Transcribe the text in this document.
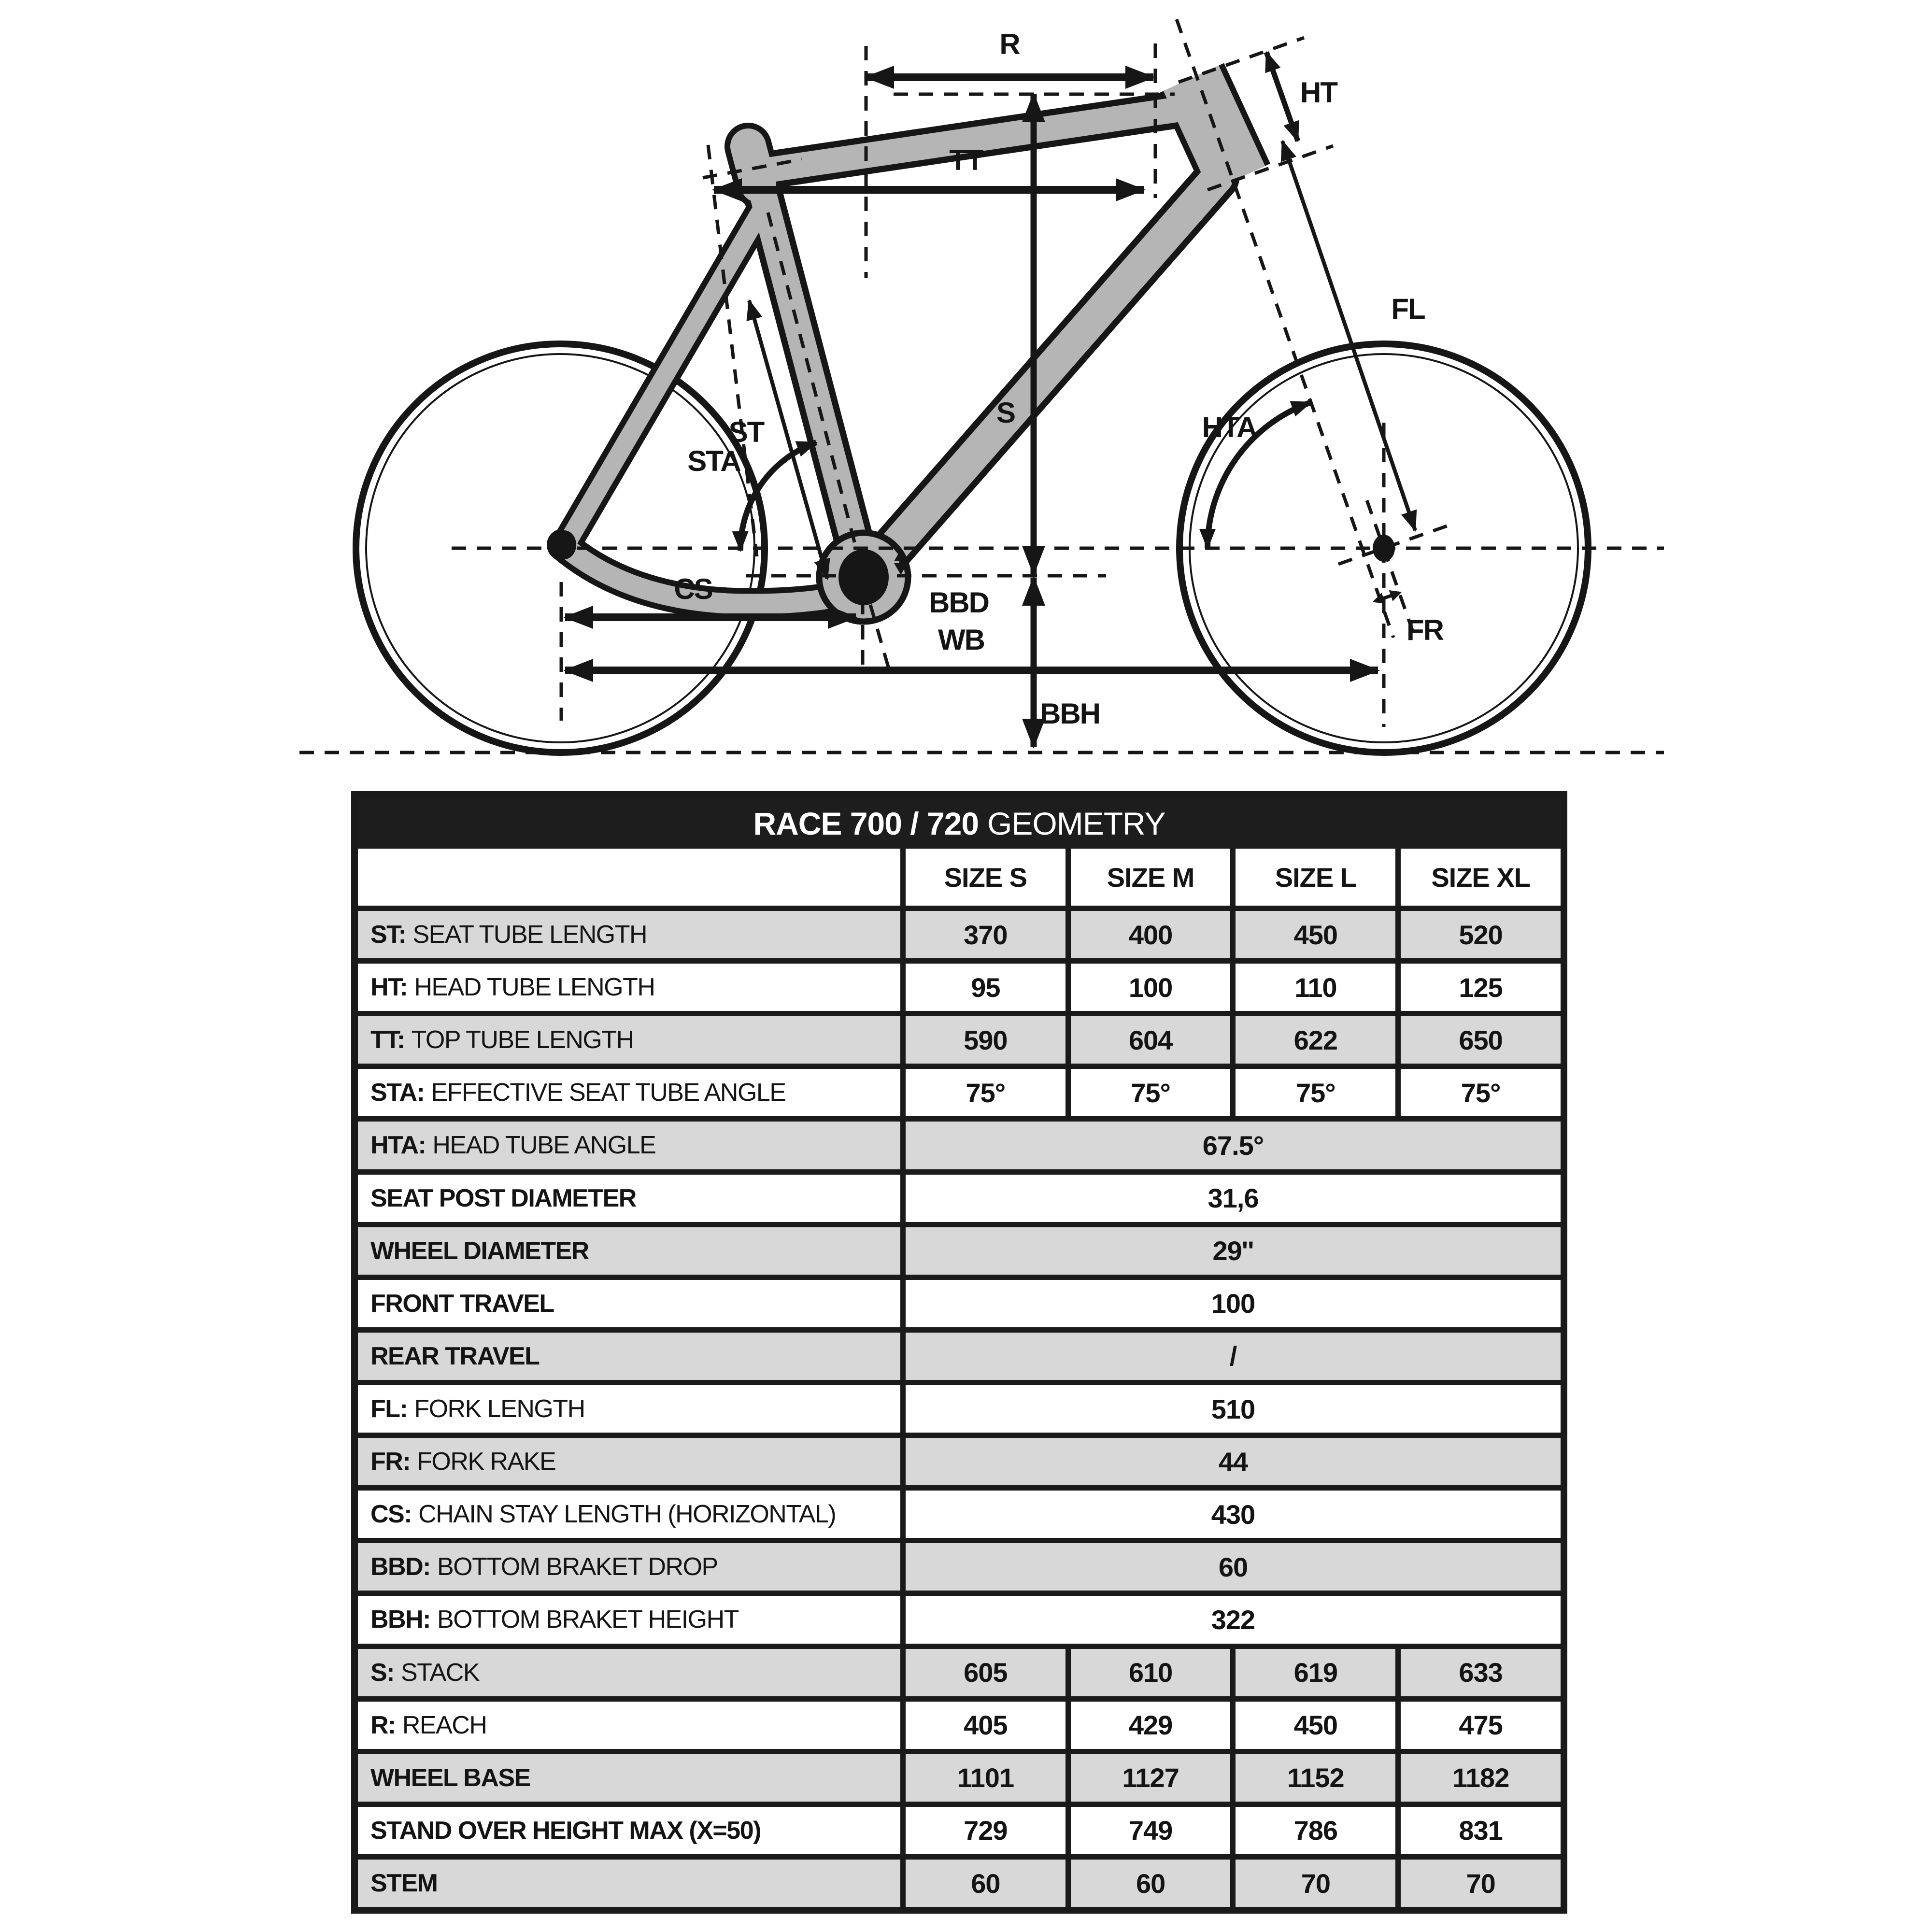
R
TT
HT
FL
ST
STA
S	HTA
BBD
CS
WB
BBH
FR
RACE 700 / 720 GEOMETRY
SIZE S	SIZE M	SIZE L	SIZE XL
ST: SEAT TUBE LENGTH	370	400	450	520
HT: HEAD TUBE LENGTH	95	100	110	125
TT: TOP TUBE LENGTH	590	604	622	650
STA: EFFECTIVE SEAT TUBE ANGLE	75°	75°	75°	75°
HTA: HEAD TUBE ANGLE	67.5°
SEAT POST DIAMETER	31,6
WHEEL DIAMETER	29''
FRONT TRAVEL	100
REAR TRAVEL	/
FL: FORK LENGTH	510
FR: FORK RAKE	44
CS: CHAIN STAY LENGTH (HORIZONTAL)	430
BBD: BOTTOM BRAKET DROP	60
BBH: BOTTOM BRAKET HEIGHT	322
S: STACK	605	610	619	633
R: REACH	405	429	450	475
WHEEL BASE	1101	1127	1152	1182
STAND OVER HEIGHT MAX (X=50)	729	749	786	831
STEM	60	60	70	70
